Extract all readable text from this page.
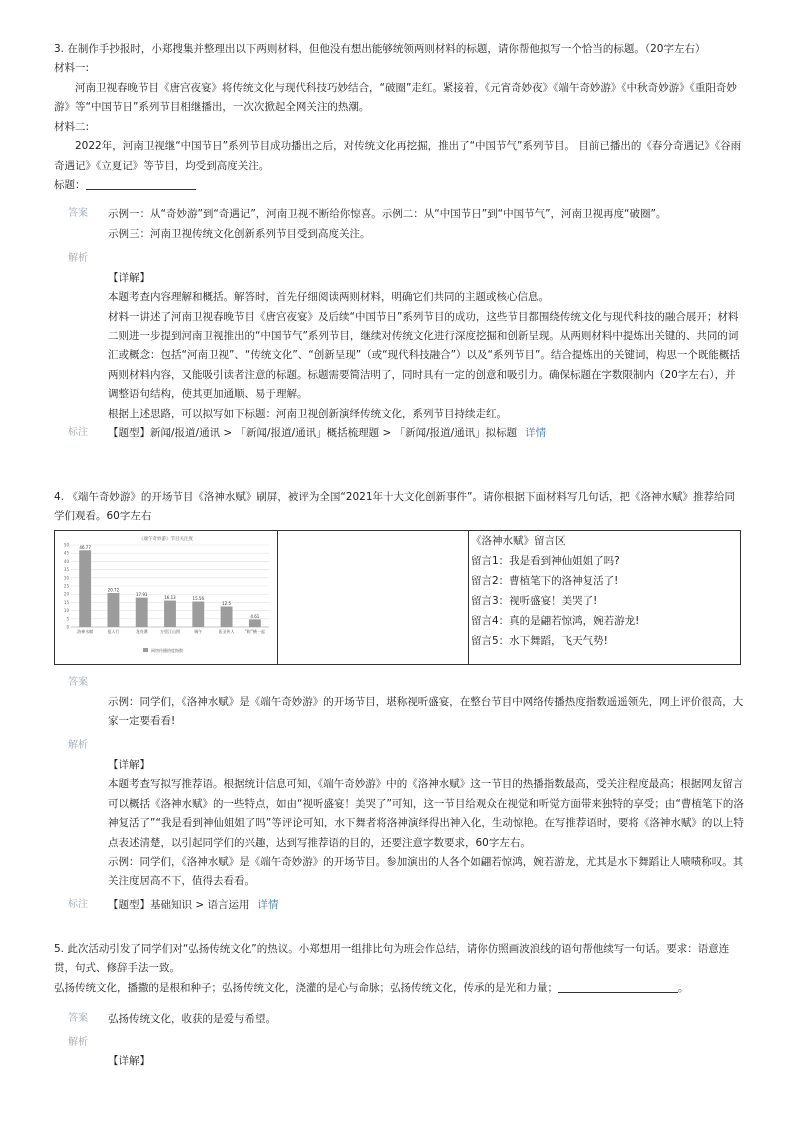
3. 在制作手抄报时，小郑搜集并整理出以下两则材料，但他没有想出能够统领两则材料的标题，请你帮他拟写一个恰当的标题。（20字左右）
材料一:
河南卫视春晚节目《唐宫夜宴》将传统文化与现代科技巧妙结合，“破圈”走红。紧接着，《元宵奇妙夜》《端午奇妙游》《中秋奇妙游》《重阳奇妙游》等“中国节日”系列节目相继播出，一次次掀起全网关注的热潮。
材料二:
2022年，河南卫视继“中国节日”系列节目成功播出之后，对传统文化再挖掘，推出了“中国节气”系列节目。 目前已播出的《春分奇遇记》《谷雨奇遇记》《立夏记》等节目，均受到高度关注。
标题：
答案	示例一：从“奇妙游”到“奇遇记”，河南卫视不断给你惊喜。示例二：从“中国节日”到“中国节气”，河南卫视再度“破圈”。
示例三：河南卫视传统文化创新系列节目受到高度关注。
解析
【详解】
本题考查内容理解和概括。解答时，首先仔细阅读两则材料，明确它们共同的主题或核心信息。
材料一讲述了河南卫视春晚节目《唐宫夜宴》及后续“中国节日”系列节目的成功，这些节目都围绕传统文化与现代科技的融合展开；材料二则进一步提到河南卫视推出的“中国节气”系列节目，继续对传统文化进行深度挖掘和创新呈现。从两则材料中提炼出关键的、共同的词汇或概念：包括“河南卫视”、“传统文化”、“创新呈现”（或“现代科技融合”）以及“系列节目”。结合提炼出的关键词，构思一个既能概括两则材料内容，又能吸引读者注意的标题。标题需要简洁明了，同时具有一定的创意和吸引力。确保标题在字数限制内（20字左右），并调整语句结构，使其更加通顺、易于理解。
根据上述思路，可以拟写如下标题：河南卫视创新演绎传统文化，系列节目持续走红。
标注	【题型】新闻/报道/通讯 > 「新闻/报道/通讯」概括梳理题 > 「新闻/报道/通讯」拟标题 详情
4. 《端午奇妙游》的开场节目《洛神水赋》刷屏，被评为全国“2021年十大文化创新事件”。请你根据下面材料写几句话，把《洛神水赋》推荐给同学们观看。60字左右
《端午奇妙游》节目关注度
0
5
10
15
20
25
30
35
40
45
50	46.77
洛神水赋
20.72
祖人行
17.91
龙舟赛
16.13
万里江山图
15.56
端午
12.5
医圣传人
4.61
“粽”横一起
网络传播热度指数

《洛神水赋》留言区
留言1：我是看到神仙姐姐了吗?
留言2：曹植笔下的洛神复活了!
留言3：视听盛宴！美哭了!
留言4：真的是翩若惊鸿，婉若游龙!
留言5：水下舞蹈，飞天气势!
答案
示例：同学们，《洛神水赋》是《端午奇妙游》的开场节目，堪称视听盛宴，在整台节目中网络传播热度指数遥遥领先，网上评价很高，大家一定要看看!
解析
【详解】
本题考查写拟写推荐语。根据统计信息可知，《端午奇妙游》中的《洛神水赋》这一节目的热播指数最高，受关注程度最高；根据网友留言可以概括《洛神水赋》的一些特点，如由“视听盛宴！美哭了”可知，这一节目给观众在视觉和听觉方面带来独特的享受；由“曹植笔下的洛神复活了”“我是看到神仙姐姐了吗”等评论可知，水下舞者将洛神演绎得出神入化，生动惊艳。在写推荐语时，要将《洛神水赋》的以上特点表述清楚，以引起同学们的兴趣，达到写推荐语的目的，还要注意字数要求，60字左右。
示例：同学们，《洛神水赋》是《端午奇妙游》的开场节目。参加演出的人各个如翩若惊鸿，婉若游龙，尤其是水下舞蹈让人啧啧称叹。其关注度居高不下，值得去看看。
标注	【题型】基础知识 > 语言运用 详情
5. 此次活动引发了同学们对“弘扬传统文化”的热议。小郑想用一组排比句为班会作总结，请你仿照画波浪线的语句帮他续写一句话。要求：语意连贯，句式、修辞手法一致。
弘扬传统文化，播撒的是根和种子；弘扬传统文化，浇灌的是心与命脉；弘扬传统文化，传承的是光和力量；	。
答案	弘扬传统文化，收获的是爱与希望。
解析
【详解】
